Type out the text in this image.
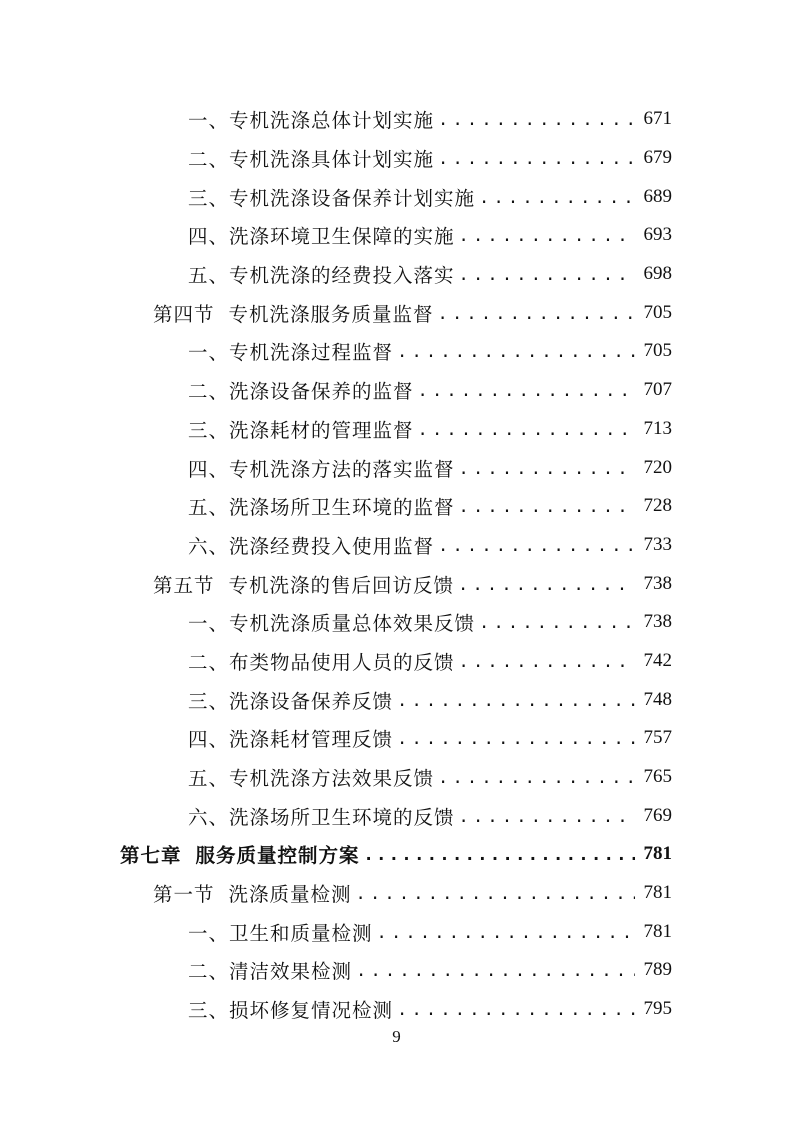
一、专机洗涤总体计划实施 .....	671
二、专机洗涤具体计划实施 .....	679
三、专机洗涤设备保养计划实施 .....	689
四、洗涤环境卫生保障的实施 .....	693
五、专机洗涤的经费投入落实 .....	698
第四节 专机洗涤服务质量监督 .....	705
一、专机洗涤过程监督 .....	705
二、洗涤设备保养的监督 .....	707
三、洗涤耗材的管理监督 .....	713
四、专机洗涤方法的落实监督 .....	720
五、洗涤场所卫生环境的监督 .....	728
六、洗涤经费投入使用监督 .....	733
第五节 专机洗涤的售后回访反馈 .....	738
一、专机洗涤质量总体效果反馈 .....	738
二、布类物品使用人员的反馈 .....	742
三、洗涤设备保养反馈 .....	748
四、洗涤耗材管理反馈 .....	757
五、专机洗涤方法效果反馈 .....	765
六、洗涤场所卫生环境的反馈 .....	769
第七章 服务质量控制方案 .....	781
第一节 洗涤质量检测 .....	781
一、卫生和质量检测 .....	781
二、清洁效果检测 .....	789
三、损坏修复情况检测 .....	795
9
